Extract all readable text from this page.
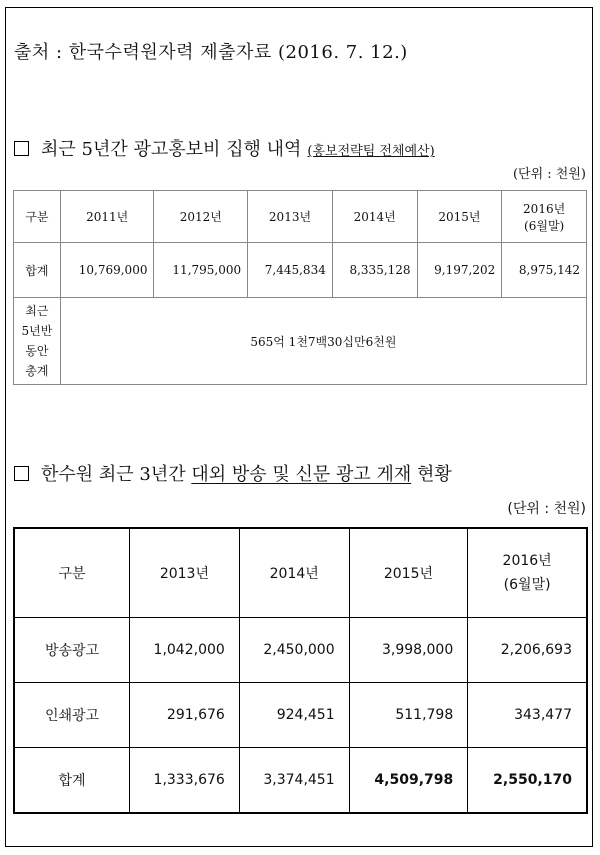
출처 : 한국수력원자력 제출자료 (2016. 7. 12.)
최근 5년간 광고홍보비 집행 내역 (홍보전략팀 전체예산)
(단위 : 천원)
구분	2011년	2012년	2013년	2014년	2015년	2016년
(6월말)
합계	10,769,000	11,795,000	7,445,834	8,335,128	9,197,202	8,975,142
최근
5년반
동안
총계	565억 1천7백30십만6천원					
한수원 최근 3년간 대외 방송 및 신문 광고 게재 현황
(단위 : 천원)
구분	2013년	2014년	2015년	2016년
(6월말)
방송광고	1,042,000	2,450,000	3,998,000	2,206,693
인쇄광고	291,676	924,451	511,798	343,477
합계	1,333,676	3,374,451	4,509,798	2,550,170
